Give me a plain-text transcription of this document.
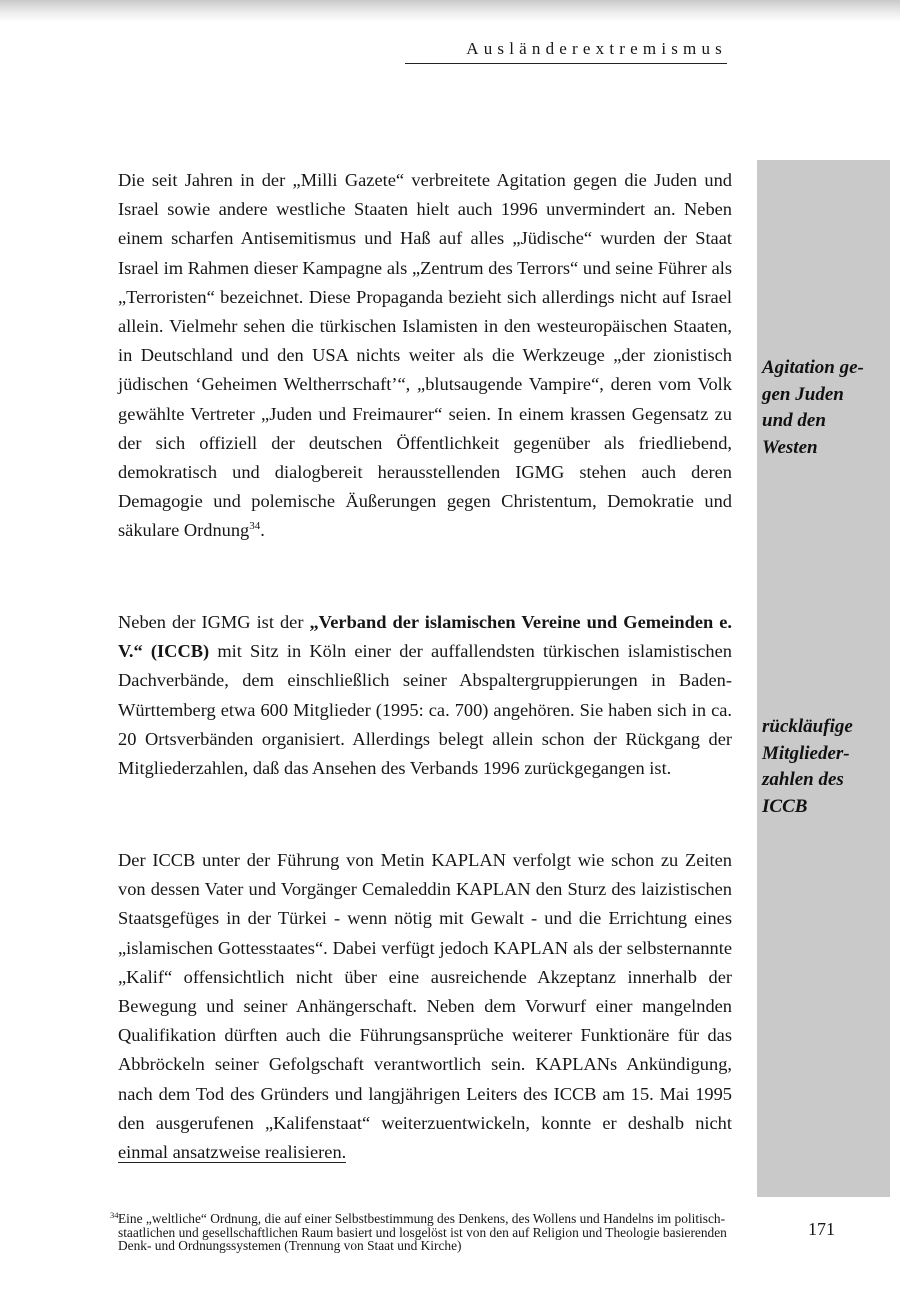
Ausländerextremismus

Die seit Jahren in der „Milli Gazete“ verbreitete Agitation gegen die Juden und Israel sowie andere westliche Staaten hielt auch 1996 unvermindert an. Neben einem scharfen Antisemitismus und Haß auf alles „Jüdische“ wurden der Staat Israel im Rahmen dieser Kampagne als „Zentrum des Terrors“ und seine Führer als „Terroristen“ bezeichnet. Diese Propaganda bezieht sich allerdings nicht auf Israel allein. Vielmehr sehen die türkischen Islamisten in den westeuropäischen Staaten, in Deutschland und den USA nichts weiter als die Werkzeuge „der zionistisch jüdischen ‘Geheimen Weltherrschaft’“, „blutsaugende Vampire“, deren vom Volk gewählte Vertreter „Juden und Freimaurer“ seien. In einem krassen Gegensatz zu der sich offiziell der deutschen Öffentlichkeit gegenüber als friedliebend, demokratisch und dialogbereit herausstellenden IGMG stehen auch deren Demagogie und polemische Äußerungen gegen Christentum, Demokratie und säkulare Ordnung$^{34}$.

Neben der IGMG ist der „Verband der islamischen Vereine und Gemeinden e. V.“ (ICCB) mit Sitz in Köln einer der auffallendsten türkischen islamistischen Dachverbände, dem einschließlich seiner Abspaltergruppierungen in Baden-Württemberg etwa 600 Mitglieder (1995: ca. 700) angehören. Sie haben sich in ca. 20 Ortsverbänden organisiert. Allerdings belegt allein schon der Rückgang der Mitgliederzahlen, daß das Ansehen des Verbands 1996 zurückgegangen ist.

Der ICCB unter der Führung von Metin KAPLAN verfolgt wie schon zu Zeiten von dessen Vater und Vorgänger Cemaleddin KAPLAN den Sturz des laizistischen Staatsgefüges in der Türkei - wenn nötig mit Gewalt - und die Errichtung eines „islamischen Gottesstaates“. Dabei verfügt jedoch KAPLAN als der selbsternannte „Kalif“ offensichtlich nicht über eine ausreichende Akzeptanz innerhalb der Bewegung und seiner Anhängerschaft. Neben dem Vorwurf einer mangelnden Qualifikation dürften auch die Führungsansprüche weiterer Funktionäre für das Abbröckeln seiner Gefolgschaft verantwortlich sein. KAPLANs Ankündigung, nach dem Tod des Gründers und langjährigen Leiters des ICCB am 15. Mai 1995 den ausgerufenen „Kalifenstaat“ weiterzuentwickeln, konnte er deshalb nicht einmal ansatzweise realisieren.

Agitation ge-
gen Juden
und den
Westen
rückläufige
Mitglieder-
zahlen des
ICCB

34 Eine „weltliche“ Ordnung, die auf einer Selbstbestimmung des Denkens, des Wollens und Handelns im politisch-staatlichen und gesellschaftlichen Raum basiert und losgelöst ist von den auf Religion und Theologie basierenden Denk- und Ordnungssystemen (Trennung von Staat und Kirche)

171
